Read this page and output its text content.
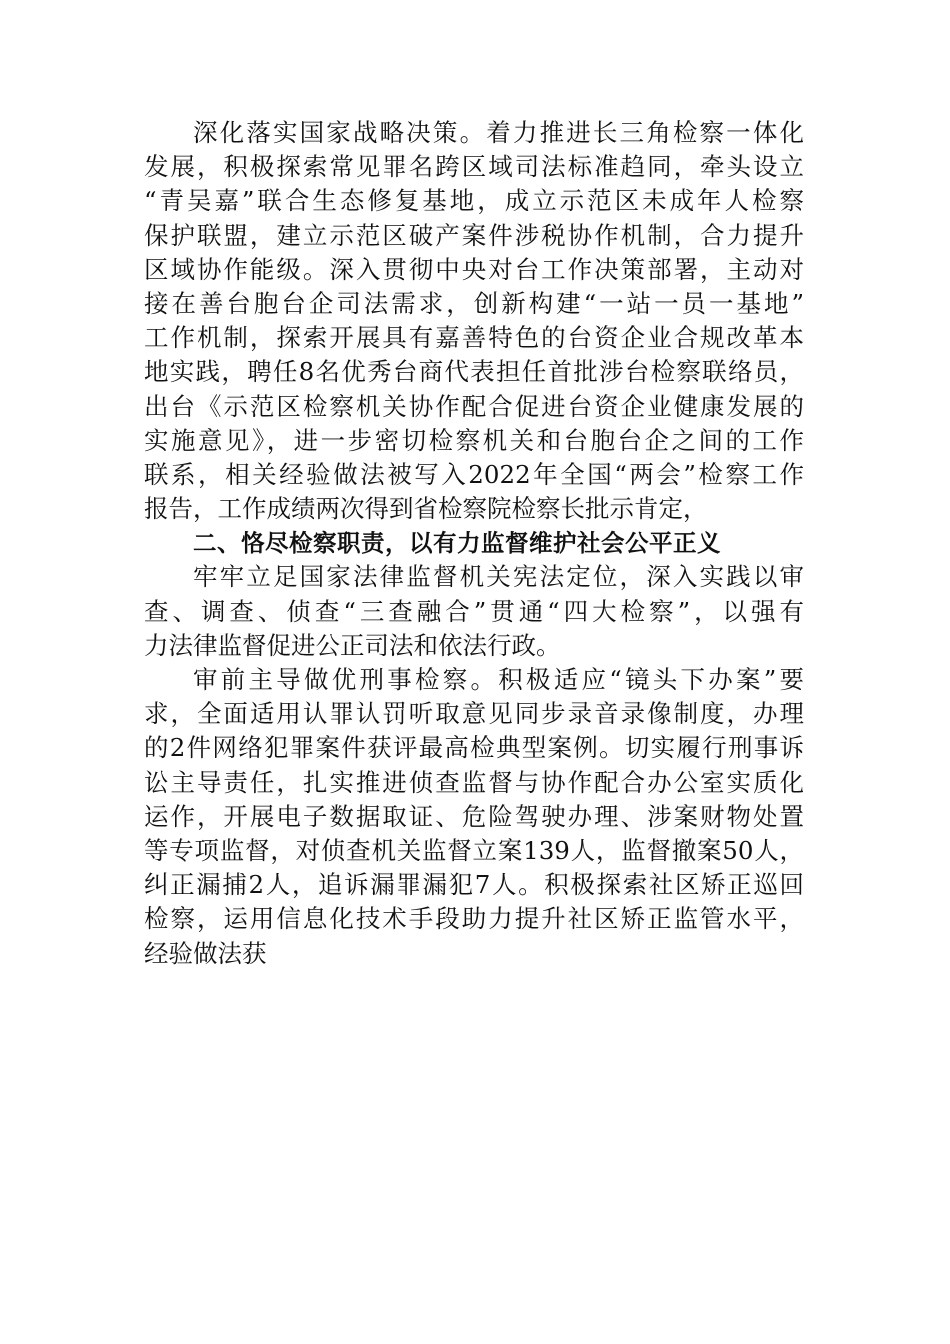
深化落实国家战略决策。着力推进长三角检察一体化
发展，积极探索常见罪名跨区域司法标准趋同，牵头设立
“青吴嘉”联合生态修复基地，成立示范区未成年人检察
保护联盟，建立示范区破产案件涉税协作机制，合力提升
区域协作能级。深入贯彻中央对台工作决策部署，主动对
接在善台胞台企司法需求，创新构建“一站一员一基地”
工作机制，探索开展具有嘉善特色的台资企业合规改革本
地实践，聘任8名优秀台商代表担任首批涉台检察联络员，
出台《示范区检察机关协作配合促进台资企业健康发展的
实施意见》，进一步密切检察机关和台胞台企之间的工作
联系，相关经验做法被写入2022年全国“两会”检察工作
报告，工作成绩两次得到省检察院检察长批示肯定，
二、恪尽检察职责，以有力监督维护社会公平正义
牢牢立足国家法律监督机关宪法定位，深入实践以审
查、调查、侦查“三查融合”贯通“四大检察”，以强有
力法律监督促进公正司法和依法行政。
审前主导做优刑事检察。积极适应“镜头下办案”要
求，全面适用认罪认罚听取意见同步录音录像制度，办理
的2件网络犯罪案件获评最高检典型案例。切实履行刑事诉
讼主导责任，扎实推进侦查监督与协作配合办公室实质化
运作，开展电子数据取证、危险驾驶办理、涉案财物处置
等专项监督，对侦查机关监督立案139人，监督撤案50人，
纠正漏捕2人，追诉漏罪漏犯7人。积极探索社区矫正巡回
检察，运用信息化技术手段助力提升社区矫正监管水平，
经验做法获
